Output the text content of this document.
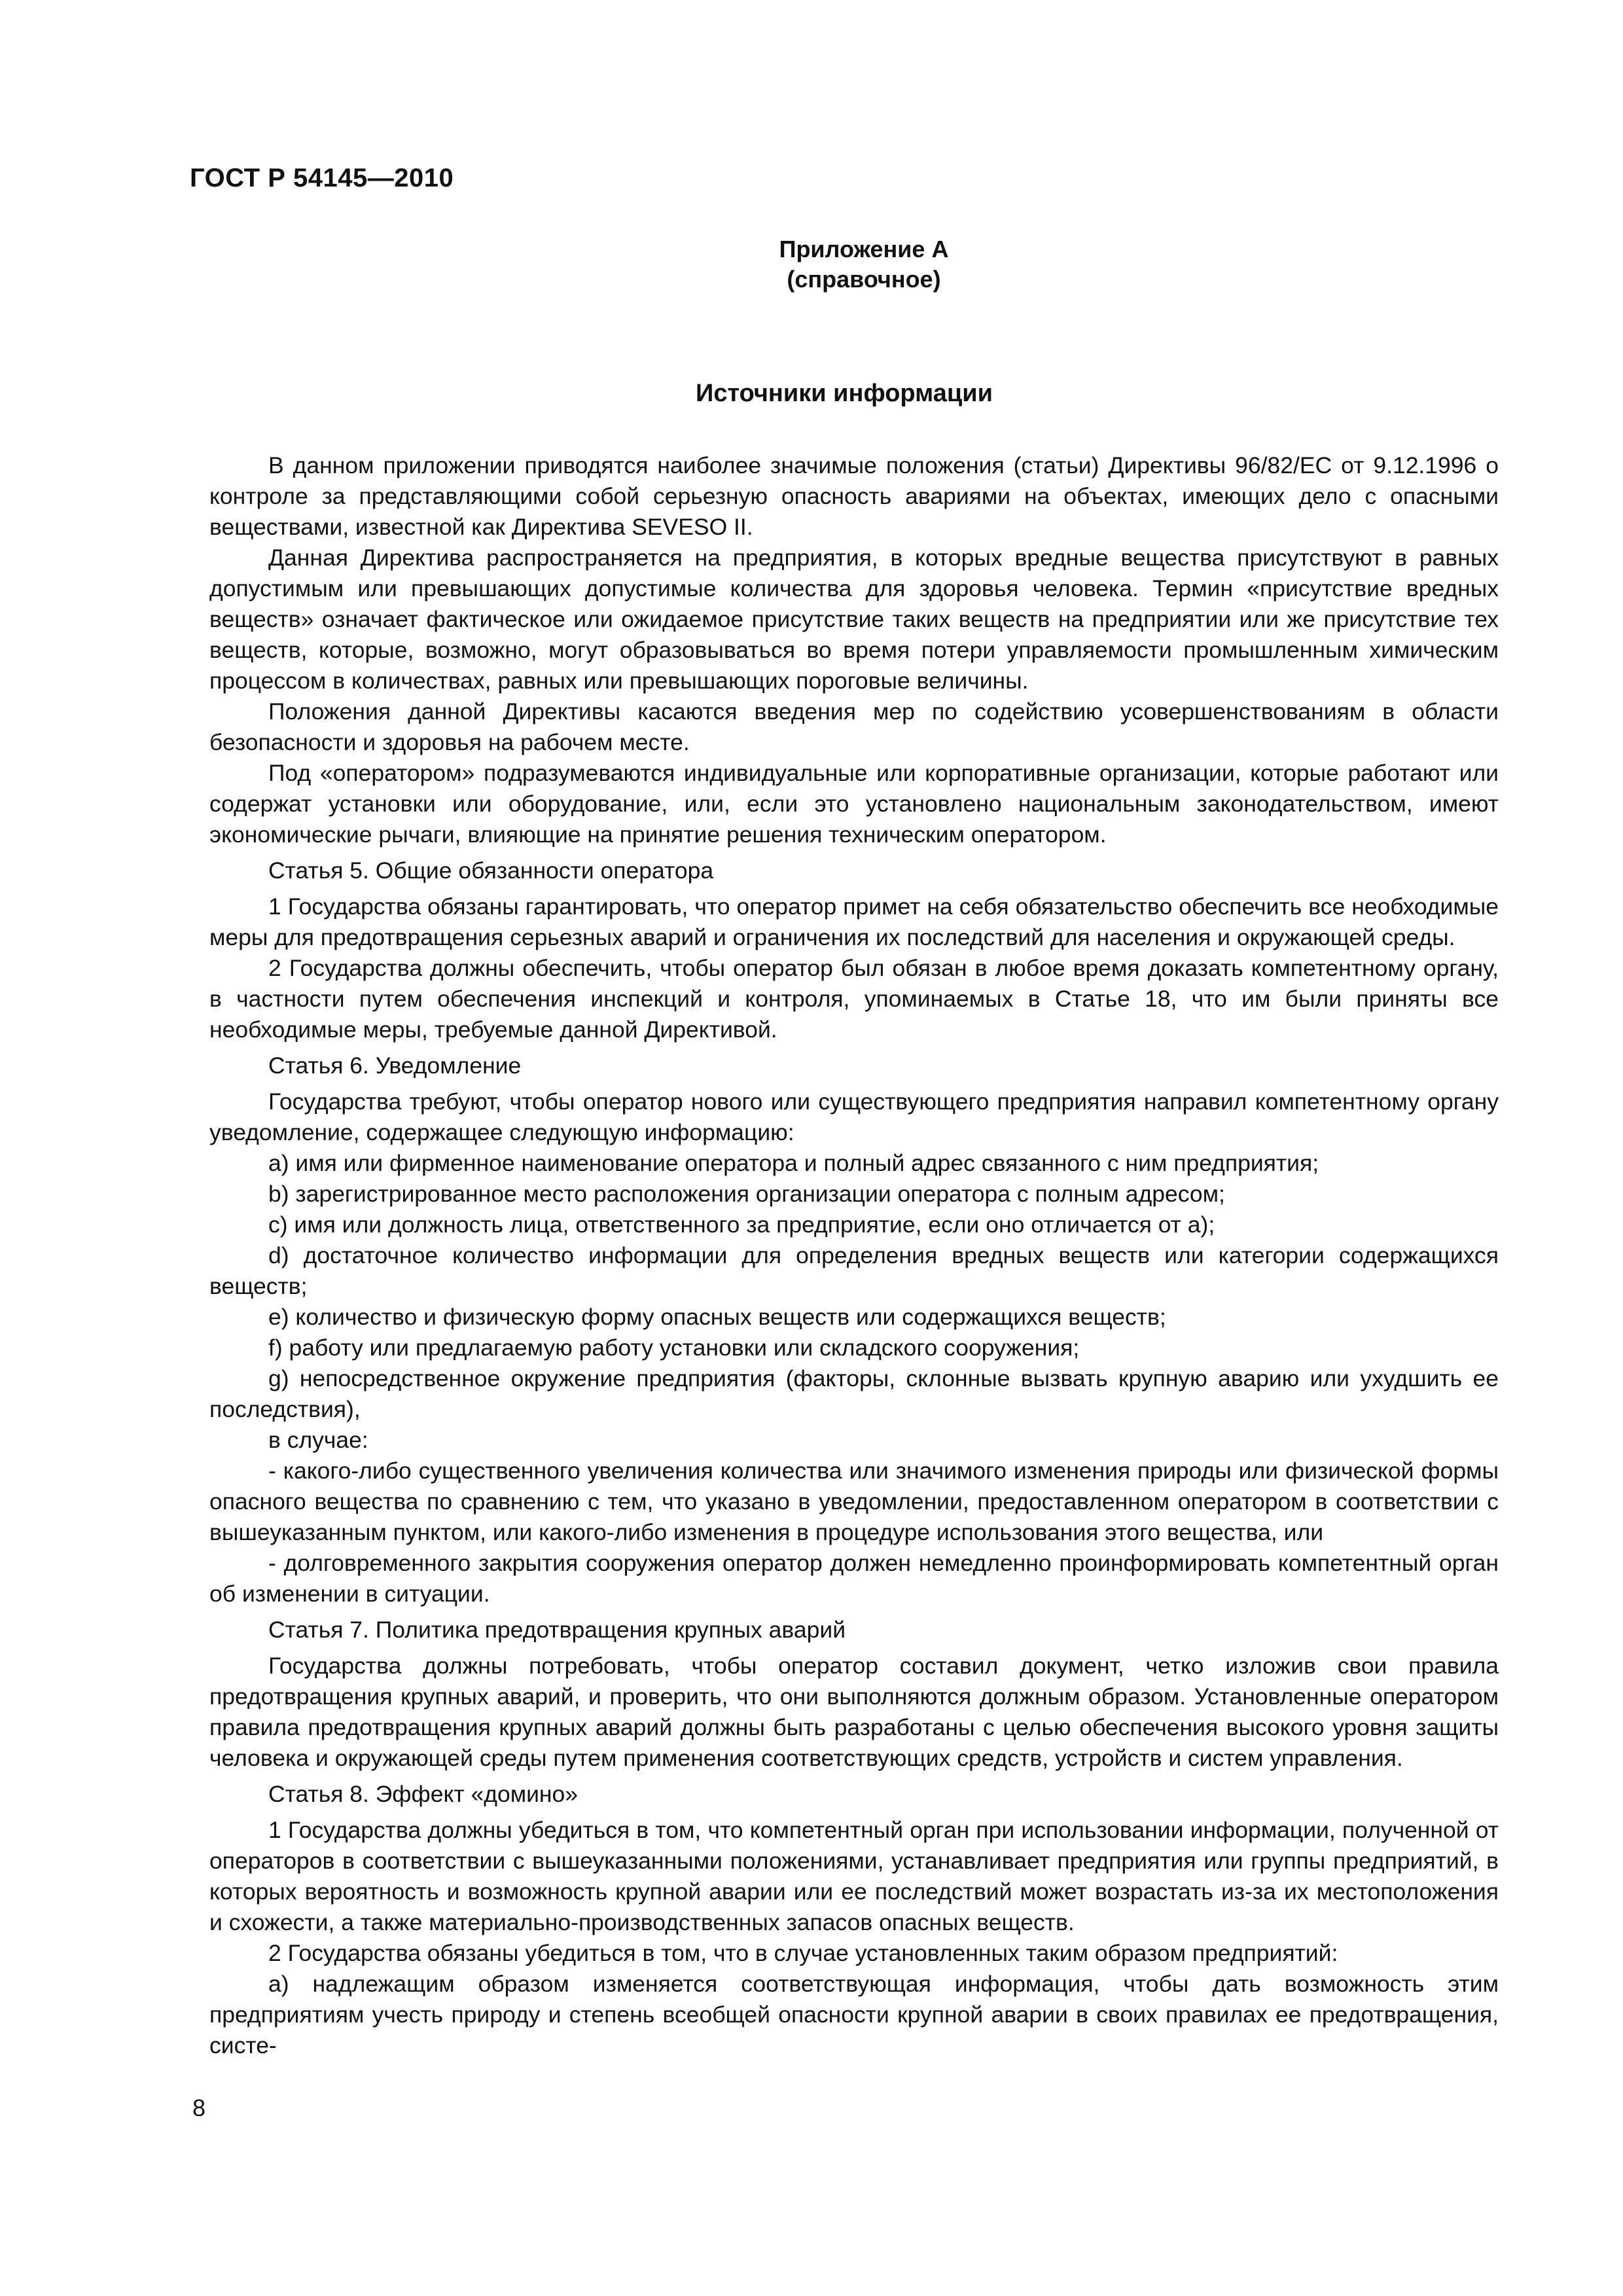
ГОСТ Р 54145—2010
Приложение А
(справочное)
Источники информации

В данном приложении приводятся наиболее значимые положения (статьи) Директивы 96/82/ЕС от 9.12.1996 о контроле за представляющими собой серьезную опасность авариями на объектах, имеющих дело с опасными веществами, известной как Директива SEVESO II.

Данная Директива распространяется на предприятия, в которых вредные вещества присутствуют в равных допустимым или превышающих допустимые количества для здоровья человека. Термин «присутствие вредных веществ» означает фактическое или ожидаемое присутствие таких веществ на предприятии или же присутствие тех веществ, которые, возможно, могут образовываться во время потери управляемости промышленным химическим процессом в количествах, равных или превышающих пороговые величины.

Положения данной Директивы касаются введения мер по содействию усовершенствованиям в области безопасности и здоровья на рабочем месте.

Под «оператором» подразумеваются индивидуальные или корпоративные организации, которые работают или содержат установки или оборудование, или, если это установлено национальным законодательством, имеют экономические рычаги, влияющие на принятие решения техническим оператором.

Статья 5. Общие обязанности оператора

1 Государства обязаны гарантировать, что оператор примет на себя обязательство обеспечить все необходимые меры для предотвращения серьезных аварий и ограничения их последствий для населения и окружающей среды.

2 Государства должны обеспечить, чтобы оператор был обязан в любое время доказать компетентному органу, в частности путем обеспечения инспекций и контроля, упоминаемых в Статье 18, что им были приняты все необходимые меры, требуемые данной Директивой.

Статья 6. Уведомление

Государства требуют, чтобы оператор нового или существующего предприятия направил компетентному органу уведомление, содержащее следующую информацию:

a) имя или фирменное наименование оператора и полный адрес связанного с ним предприятия;

b) зарегистрированное место расположения организации оператора с полным адресом;

c) имя или должность лица, ответственного за предприятие, если оно отличается от a);

d) достаточное количество информации для определения вредных веществ или категории содержащихся веществ;

e) количество и физическую форму опасных веществ или содержащихся веществ;

f) работу или предлагаемую работу установки или складского сооружения;

g) непосредственное окружение предприятия (факторы, склонные вызвать крупную аварию или ухудшить ее последствия),

в случае:

- какого-либо существенного увеличения количества или значимого изменения природы или физической формы опасного вещества по сравнению с тем, что указано в уведомлении, предоставленном оператором в соответствии с вышеуказанным пунктом, или какого-либо изменения в процедуре использования этого вещества, или

- долговременного закрытия сооружения оператор должен немедленно проинформировать компетентный орган об изменении в ситуации.

Статья 7. Политика предотвращения крупных аварий

Государства должны потребовать, чтобы оператор составил документ, четко изложив свои правила предотвращения крупных аварий, и проверить, что они выполняются должным образом. Установленные оператором правила предотвращения крупных аварий должны быть разработаны с целью обеспечения высокого уровня защиты человека и окружающей среды путем применения соответствующих средств, устройств и систем управления.

Статья 8. Эффект «домино»

1 Государства должны убедиться в том, что компетентный орган при использовании информации, полученной от операторов в соответствии с вышеуказанными положениями, устанавливает предприятия или группы предприятий, в которых вероятность и возможность крупной аварии или ее последствий может возрастать из-за их местоположения и схожести, а также материально-производственных запасов опасных веществ.

2 Государства обязаны убедиться в том, что в случае установленных таким образом предприятий:

a) надлежащим образом изменяется соответствующая информация, чтобы дать возможность этим предприятиям учесть природу и степень всеобщей опасности крупной аварии в своих правилах ее предотвращения, систе-

8
